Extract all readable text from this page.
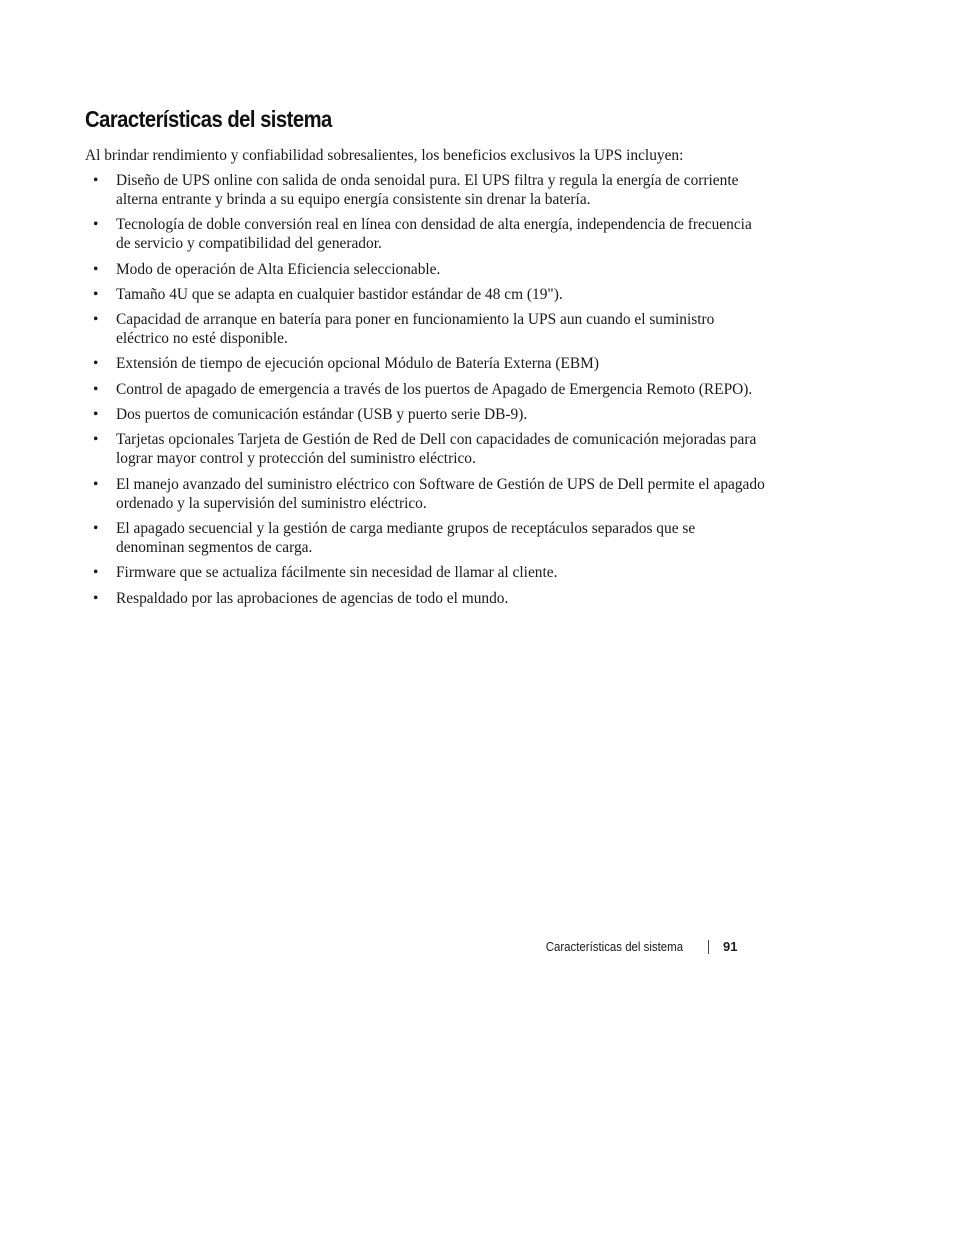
Características del sistema

Al brindar rendimiento y confiabilidad sobresalientes, los beneficios exclusivos la UPS incluyen:

• Diseño de UPS online con salida de onda senoidal pura. El UPS filtra y regula la energía de corriente alterna entrante y brinda a su equipo energía consistente sin drenar la batería.
• Tecnología de doble conversión real en línea con densidad de alta energía, independencia de frecuencia de servicio y compatibilidad del generador.
• Modo de operación de Alta Eficiencia seleccionable.
• Tamaño 4U que se adapta en cualquier bastidor estándar de 48 cm (19").
• Capacidad de arranque en batería para poner en funcionamiento la UPS aun cuando el suministro eléctrico no esté disponible.
• Extensión de tiempo de ejecución opcional Módulo de Batería Externa (EBM)
• Control de apagado de emergencia a través de los puertos de Apagado de Emergencia Remoto (REPO).
• Dos puertos de comunicación estándar (USB y puerto serie DB-9).
• Tarjetas opcionales Tarjeta de Gestión de Red de Dell con capacidades de comunicación mejoradas para lograr mayor control y protección del suministro eléctrico.
• El manejo avanzado del suministro eléctrico con Software de Gestión de UPS de Dell permite el apagado ordenado y la supervisión del suministro eléctrico.
• El apagado secuencial y la gestión de carga mediante grupos de receptáculos separados que se denominan segmentos de carga.
• Firmware que se actualiza fácilmente sin necesidad de llamar al cliente.
• Respaldado por las aprobaciones de agencias de todo el mundo.
Características del sistema	91
